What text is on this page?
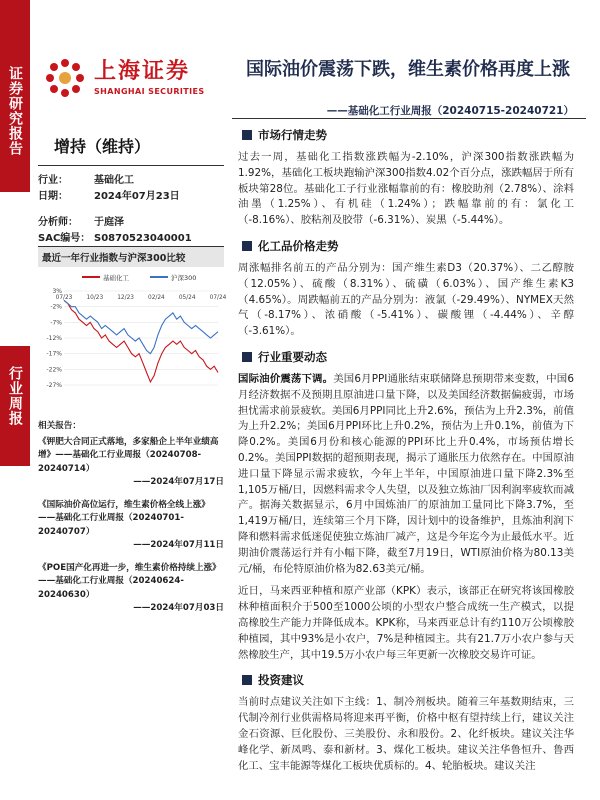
证券研究报告
行业周报
上海证券
SHANGHAI SECURITIES
国际油价震荡下跌，维生素价格再度上涨
——基础化工行业周报（20240715-20240721）
增持（维持）
行业：	基础化工
日期：	2024年07月23日
分析师：	于庭泽
SAC编号： S0870523040001
最近一年行业指数与沪深300比较
基础化工	沪深300
3%
-2%
-7%
-12%
-17%
-22%
-27%
07/23 10/23 12/23 02/24 05/24 07/24
相关报告：
《钾肥大合同正式落地，多家船企上半年业绩高增》——基础化工行业周报（20240708-20240714）
——2024年07月17日
《国际油价高位运行，维生素价格全线上涨》——基础化工行业周报（20240701-20240707）
——2024年07月11日
《POE国产化再进一步，维生素价格持续上涨》——基础化工行业周报（20240624-20240630）
——2024年07月03日
市场行情走势

过去一周，基础化工指数涨跌幅为-2.10%，沪深300指数涨跌幅为1.92%，基础化工板块跑输沪深300指数4.02个百分点，涨跌幅居于所有板块第28位。基础化工子行业涨幅靠前的有：橡胶助剂（2.78%）、涂料油墨（1.25%）、有机硅（1.24%）；跌幅靠前的有：氯化工（-8.16%）、胶粘剂及胶带（-6.31%）、炭黑（-5.44%）。

化工品价格走势

周涨幅排名前五的产品分别为：国产维生素D3（20.37%）、二乙醇胺（12.05%）、硫酸（8.31%）、硫磺（6.03%）、国产维生素K3（4.65%）。周跌幅前五的产品分别为：液氯（-29.49%）、NYMEX天然气（-8.17%）、浓硝酸（-5.41%）、碳酸锂（-4.44%）、辛醇（-3.61%）。

行业重要动态

国际油价震荡下调。美国6月PPI通胀结束联储降息预期带来变数，中国6月经济数据不及预期且原油进口量下降，以及美国经济数据偏疲弱，市场担忧需求前景疲软。美国6月PPI同比上升2.6%，预估为上升2.3%，前值为上升2.2%；美国6月PPI环比上升0.2%，预估为上升0.1%，前值为下降0.2%。美国6月份和核心能源的PPI环比上升0.4%，市场预估增长0.2%。美国PPI数据的超预期表现，揭示了通胀压力依然存在。中国原油进口量下降显示需求疲软，今年上半年，中国原油进口量下降2.3%至1,105万桶/日，因燃料需求令人失望，以及独立炼油厂因利润率疲软而减产。据海关数据显示，6月中国炼油厂的原油加工量同比下降3.7%，至1,419万桶/日，连续第三个月下降，因计划中的设备维护，且炼油利润下降和燃料需求低迷促使独立炼油厂减产，这是今年迄今为止最低水平。近期油价震荡运行并有小幅下降，截至7月19日，WTI原油价格为80.13美元/桶，布伦特原油价格为82.63美元/桶。

近日，马来西亚种植和原产业部（KPK）表示，该部正在研究将该国橡胶林种植面积介于500至1000公顷的小型农户整合成统一生产模式，以提高橡胶生产能力并降低成本。KPK称，马来西亚总计有约110万公顷橡胶种植园，其中93%是小农户，7%是种植园主。共有21.7万小农户参与天然橡胶生产，其中19.5万小农户每三年更新一次橡胶交易许可证。

投资建议

当前时点建议关注如下主线：1、制冷剂板块。随着三年基数期结束，三代制冷剂行业供需格局将迎来再平衡，价格中枢有望持续上行，建议关注金石资源、巨化股份、三美股份、永和股份。2、化纤板块。建议关注华峰化学、新凤鸣、泰和新材。3、煤化工板块。建议关注华鲁恒升、鲁西化工、宝丰能源等煤化工板块优质标的。4、轮胎板块。建议关注
